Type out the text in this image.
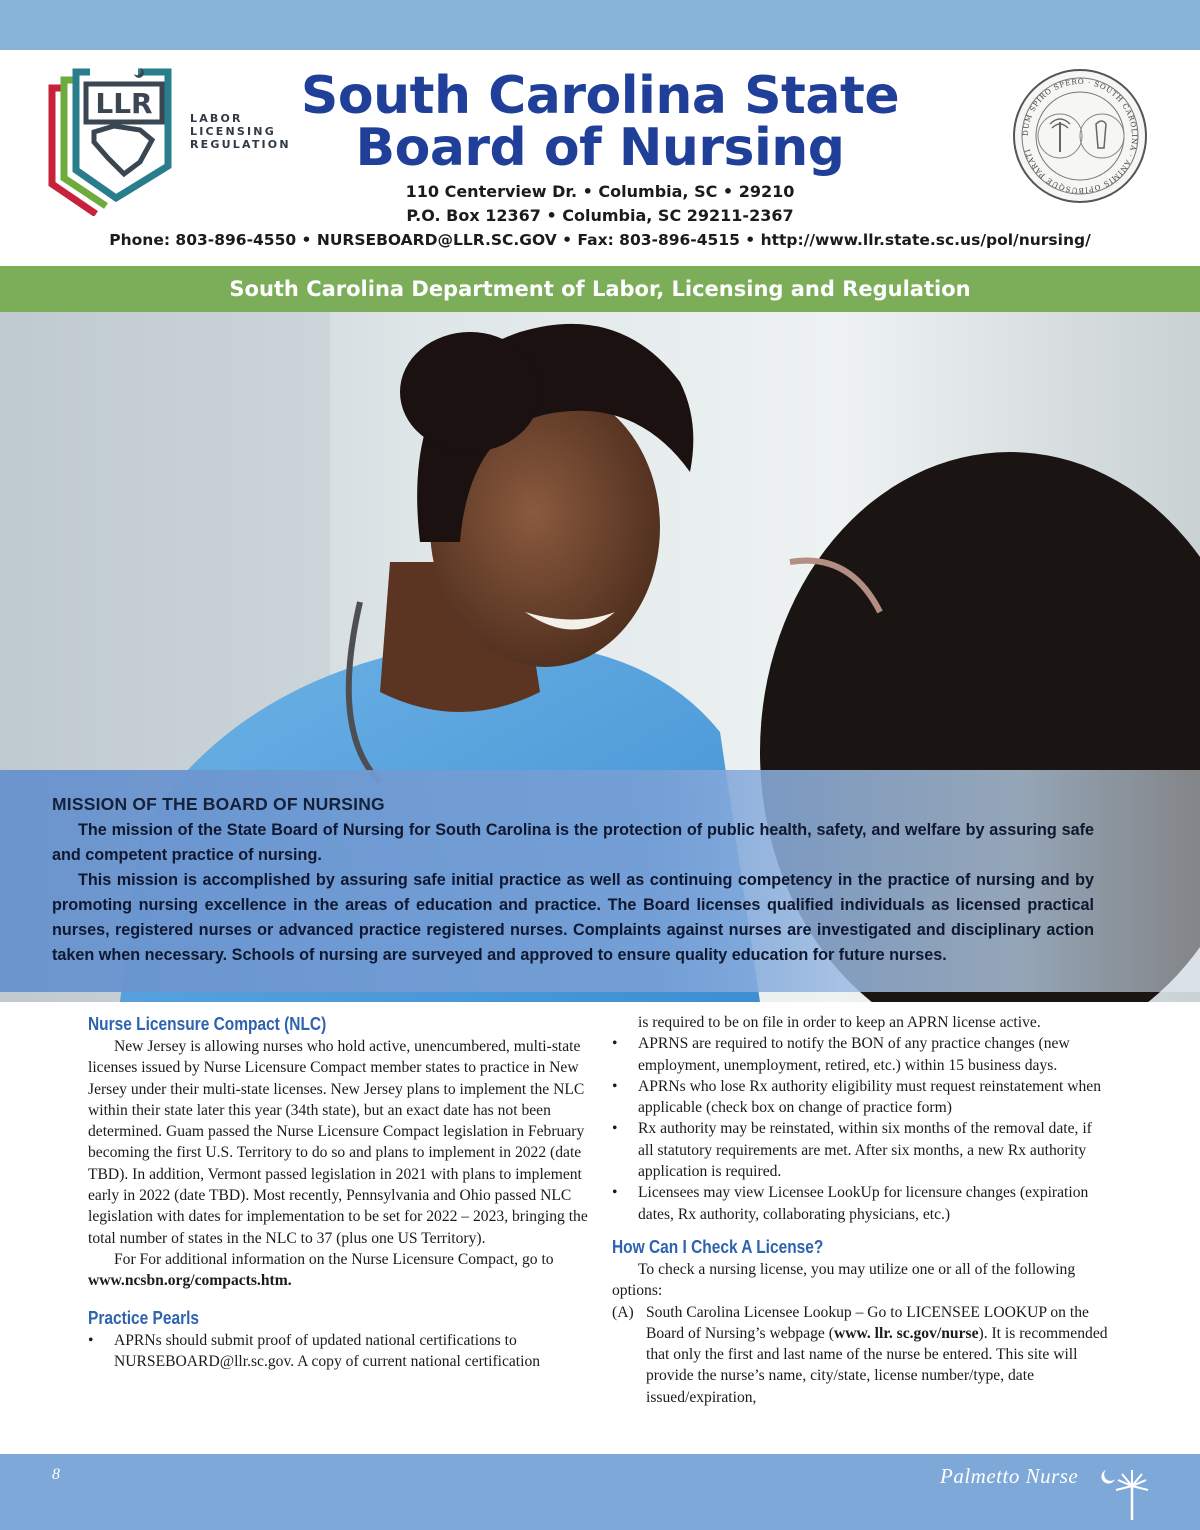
LLR	LABOR
LICENSING
REGULATION
South Carolina State
Board of Nursing
110 Centerview Dr. • Columbia, SC • 29210
P.O. Box 12367 • Columbia, SC 29211-2367
Phone: 803-896-4550 • NURSEBOARD@LLR.SC.GOV • Fax: 803-896-4515 • http://www.llr.state.sc.us/pol/nursing/
DUM SPIRO SPERO · SOUTH CAROLINA · ANIMIS OPIBUSQUE PARATI
South Carolina Department of Labor, Licensing and Regulation
MISSION OF THE BOARD OF NURSING

The mission of the State Board of Nursing for South Carolina is the protection of public health, safety, and welfare by assuring safe and competent practice of nursing.

This mission is accomplished by assuring safe initial practice as well as continuing competency in the practice of nursing and by promoting nursing excellence in the areas of education and practice. The Board licenses qualified individuals as licensed practical nurses, registered nurses or advanced practice registered nurses. Complaints against nurses are investigated and disciplinary action taken when necessary. Schools of nursing are surveyed and approved to ensure quality education for future nurses.

Nurse Licensure Compact (NLC)

New Jersey is allowing nurses who hold active, unencumbered, multi-state licenses issued by Nurse Licensure Compact member states to practice in New Jersey under their multi-state licenses. New Jersey plans to implement the NLC within their state later this year (34th state), but an exact date has not been determined. Guam passed the Nurse Licensure Compact legislation in February becoming the first U.S. Territory to do so and plans to implement in 2022 (date TBD). In addition, Vermont passed legislation in 2021 with plans to implement early in 2022 (date TBD). Most recently, Pennsylvania and Ohio passed NLC legislation with dates for implementation to be set for 2022 – 2023, bringing the total number of states in the NLC to 37 (plus one US Territory).

For For additional information on the Nurse Licensure Compact, go to www.ncsbn.org/compacts.htm.

Practice Pearls
• APRNs should submit proof of updated national certifications to NURSEBOARD@llr.sc.gov. A copy of current national certification

is required to be on file in order to keep an APRN license active.

• APRNS are required to notify the BON of any practice changes (new employment, unemployment, retired, etc.) within 15 business days.
• APRNs who lose Rx authority eligibility must request reinstatement when applicable (check box on change of practice form)
• Rx authority may be reinstated, within six months of the removal date, if all statutory requirements are met. After six months, a new Rx authority application is required.
• Licensees may view Licensee LookUp for licensure changes (expiration dates, Rx authority, collaborating physicians, etc.)
How Can I Check A License?

To check a nursing license, you may utilize one or all of the following options:

(A) South Carolina Licensee Lookup – Go to LICENSEE LOOKUP on the Board of Nursing’s webpage (www. llr. sc.gov/nurse). It is recommended that only the first and last name of the nurse be entered. This site will provide the nurse’s name, city/state, license number/type, date issued/expiration,

8	Palmetto Nurse
